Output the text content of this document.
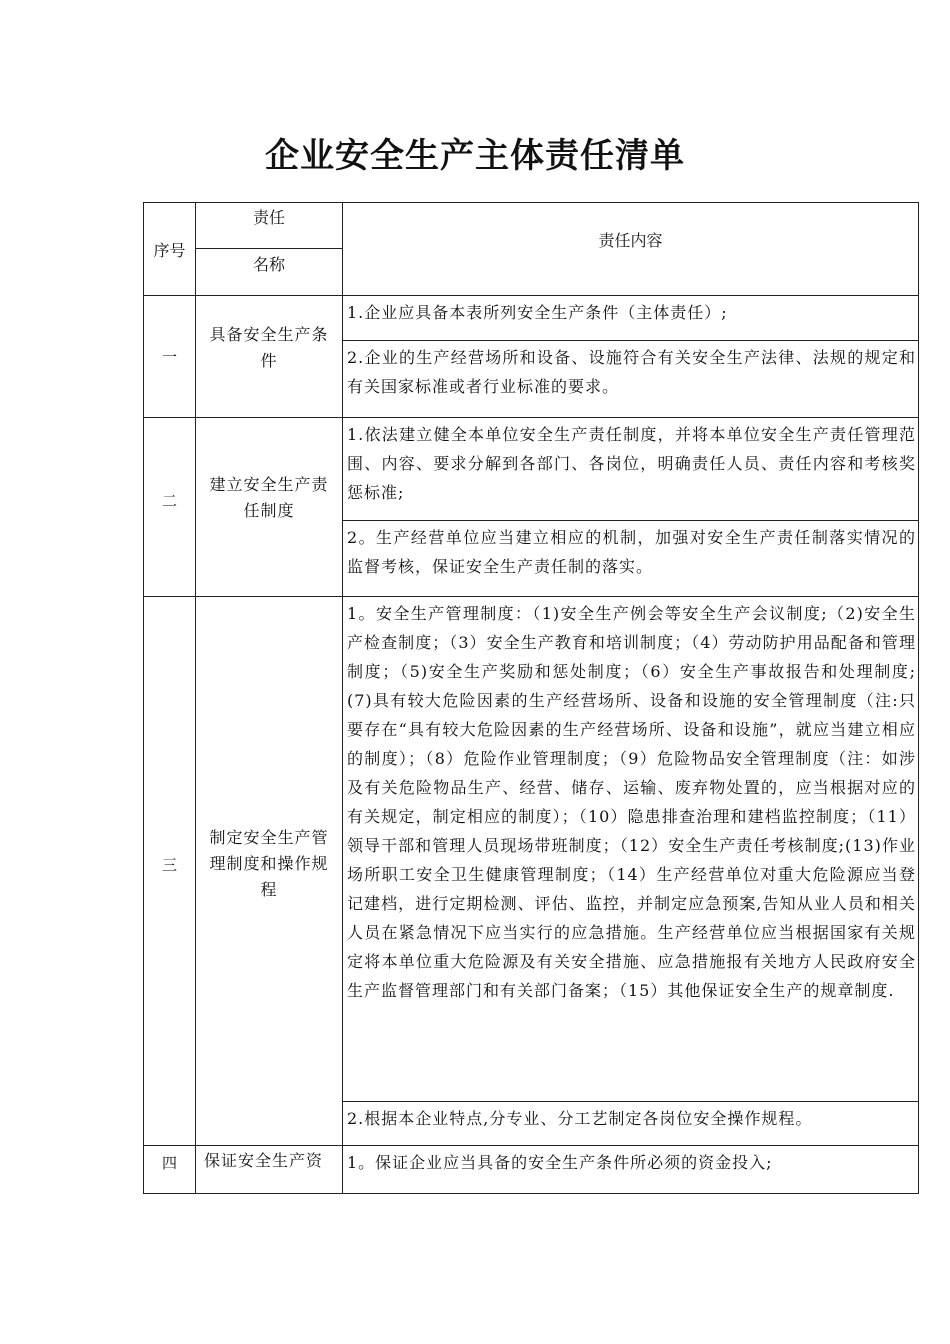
企业安全生产主体责任清单
序号
责任
名称
责任内容
一
具备安全生产条件
1.企业应具备本表所列安全生产条件（主体责任）;
2.企业的生产经营场所和设备、设施符合有关安全生产法律、法规的规定和有关国家标准或者行业标准的要求。
二
建立安全生产责任制度
1.依法建立健全本单位安全生产责任制度，并将本单位安全生产责任管理范围、内容、要求分解到各部门、各岗位，明确责任人员、责任内容和考核奖惩标准;
2。生产经营单位应当建立相应的机制，加强对安全生产责任制落实情况的监督考核，保证安全生产责任制的落实。
三
制定安全生产管理制度和操作规程
1。安全生产管理制度：（1)安全生产例会等安全生产会议制度;（2)安全生产检查制度；（3）安全生产教育和培训制度；（4）劳动防护用品配备和管理制度；（5)安全生产奖励和惩处制度；（6）安全生产事故报告和处理制度;(7)具有较大危险因素的生产经营场所、设备和设施的安全管理制度（注:只要存在“具有较大危险因素的生产经营场所、设备和设施”，就应当建立相应的制度）；（8）危险作业管理制度；（9）危险物品安全管理制度（注：如涉及有关危险物品生产、经营、储存、运输、废弃物处置的，应当根据对应的有关规定，制定相应的制度）；（10）隐患排查治理和建档监控制度；（11）领导干部和管理人员现场带班制度；（12）安全生产责任考核制度;(13)作业场所职工安全卫生健康管理制度；（14）生产经营单位对重大危险源应当登记建档，进行定期检测、评估、监控，并制定应急预案,告知从业人员和相关人员在紧急情况下应当实行的应急措施。生产经营单位应当根据国家有关规定将本单位重大危险源及有关安全措施、应急措施报有关地方人民政府安全生产监督管理部门和有关部门备案；（15）其他保证安全生产的规章制度.
2.根据本企业特点,分专业、分工艺制定各岗位安全操作规程。
四	保证安全生产资	1。保证企业应当具备的安全生产条件所必须的资金投入;
